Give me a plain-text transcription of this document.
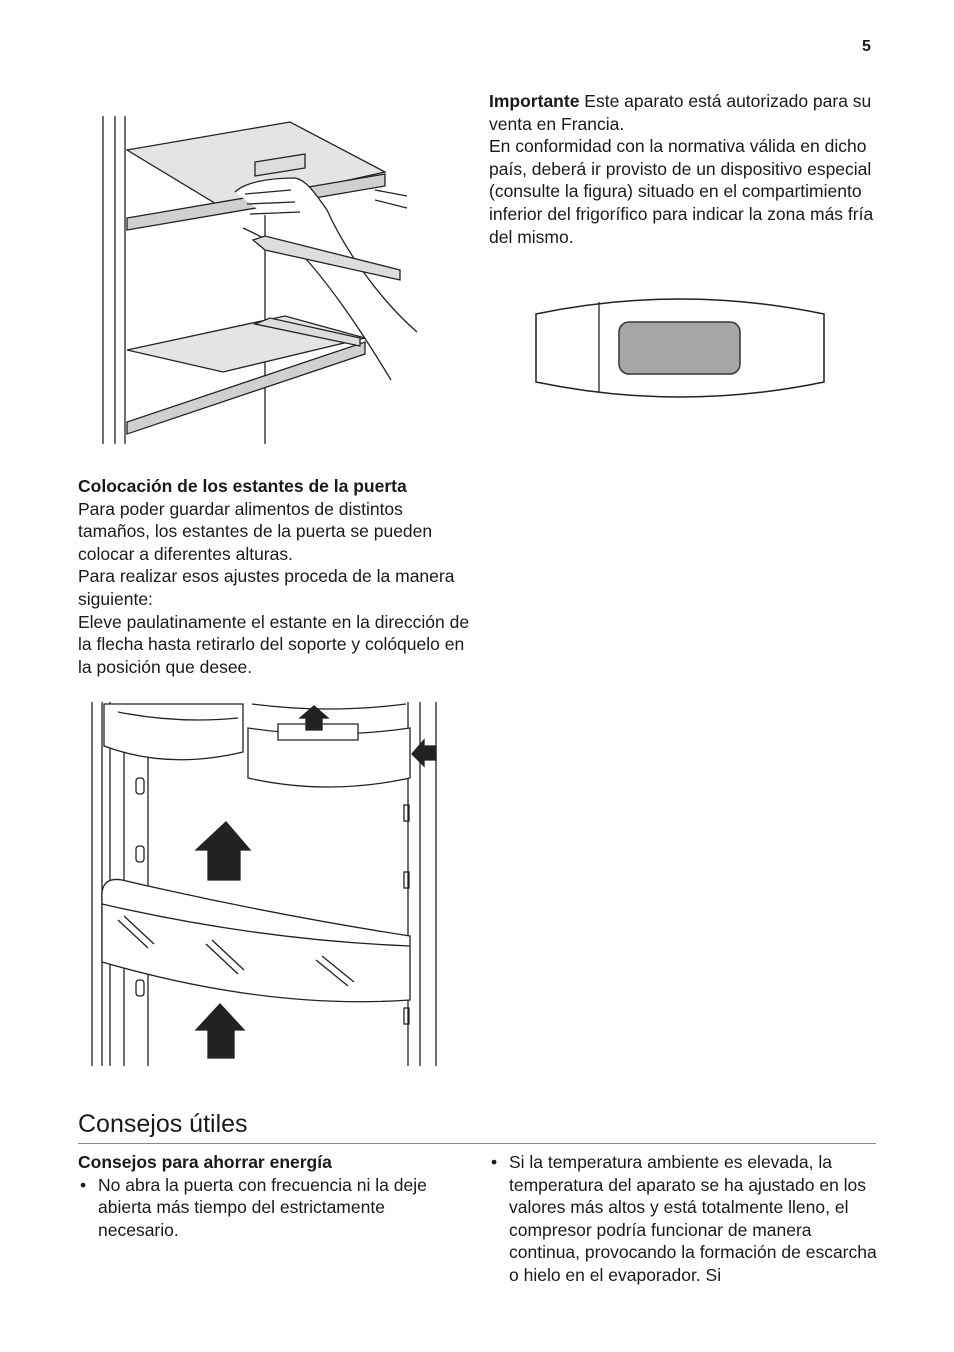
5

Importante Este aparato está autorizado para su venta en Francia.

En conformidad con la normativa válida en dicho país, deberá ir provisto de un dispositivo especial (consulte la figura) situado en el compartimiento inferior del frigorífico para indicar la zona más fría del mismo.

Colocación de los estantes de la puerta

Para poder guardar alimentos de distintos tamaños, los estantes de la puerta se pueden colocar a diferentes alturas.

Para realizar esos ajustes proceda de la manera siguiente:

Eleve paulatinamente el estante en la dirección de la flecha hasta retirarlo del soporte y colóquelo en la posición que desee.

Consejos útiles
Consejos para ahorrar energía
• No abra la puerta con frecuencia ni la deje abierta más tiempo del estrictamente necesario.
• Si la temperatura ambiente es elevada, la temperatura del aparato se ha ajustado en los valores más altos y está totalmente lleno, el compresor podría funcionar de manera continua, provocando la formación de escarcha o hielo en el evaporador. Si
